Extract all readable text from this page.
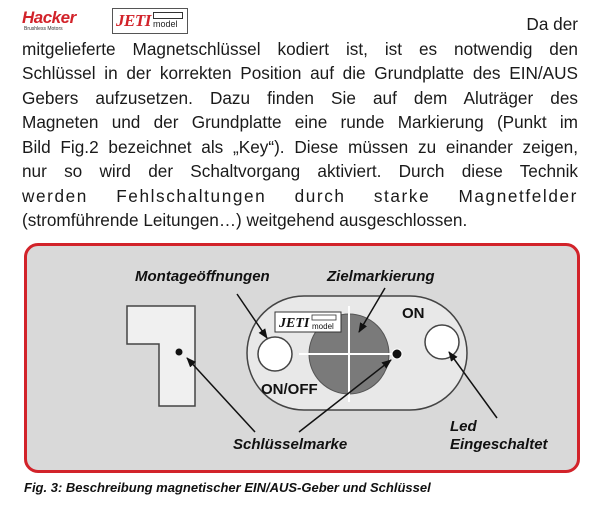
Hacker
Brushless Motors	JETI model	Da der
mitgelieferte Magnetschlüssel kodiert ist, ist es notwendig den
Schlüssel in der korrekten Position auf die Grundplatte des EIN/AUS
Gebers aufzusetzen. Dazu finden Sie auf dem Aluträger des
Magneten und der Grundplatte eine runde Markierung (Punkt im
Bild Fig.2 bezeichnet als „Key“). Diese müssen zu einander zeigen,
nur so wird der Schaltvorgang aktiviert. Durch diese Technik
werden Fehlschaltungen durch starke Magnetfelder
(stromführende Leitungen…) weitgehend ausgeschlossen.

JETI model
ON
ON/OFF
Montageöffnungen	Zielmarkierung
Schlüsselmarke
Led
Eingeschaltet
Fig. 3: Beschreibung magnetischer EIN/AUS-Geber und Schlüssel
